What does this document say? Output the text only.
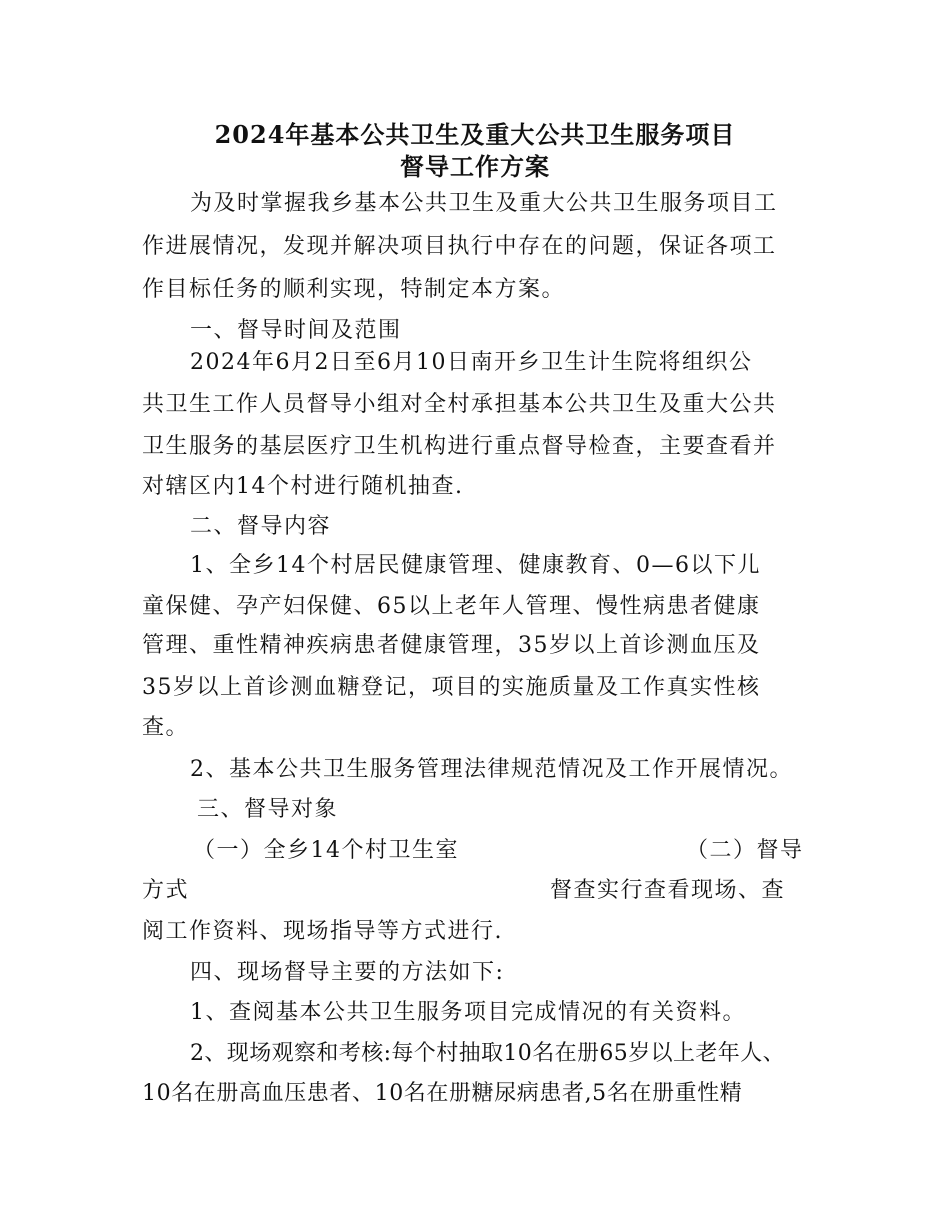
2024年基本公共卫生及重大公共卫生服务项目
督导工作方案
为及时掌握我乡基本公共卫生及重大公共卫生服务项目工
作进展情况，发现并解决项目执行中存在的问题，保证各项工
作目标任务的顺利实现，特制定本方案。
一、督导时间及范围
2024年6月2日至6月10日南开乡卫生计生院将组织公
共卫生工作人员督导小组对全村承担基本公共卫生及重大公共
卫生服务的基层医疗卫生机构进行重点督导检查，主要查看并
对辖区内14个村进行随机抽查.
二、督导内容
1、全乡14个村居民健康管理、健康教育、0—6以下儿
童保健、孕产妇保健、65以上老年人管理、慢性病患者健康
管理、重性精神疾病患者健康管理，35岁以上首诊测血压及
35岁以上首诊测血糖登记，项目的实施质量及工作真实性核
查。
2、基本公共卫生服务管理法律规范情况及工作开展情况。
三、督导对象
（一）全乡14个村卫生室	（二）督导
方式	督查实行查看现场、查
阅工作资料、现场指导等方式进行.
四、现场督导主要的方法如下:
1、查阅基本公共卫生服务项目完成情况的有关资料。
2、现场观察和考核:每个村抽取10名在册65岁以上老年人、
10名在册高血压患者、10名在册糖尿病患者,5名在册重性精
